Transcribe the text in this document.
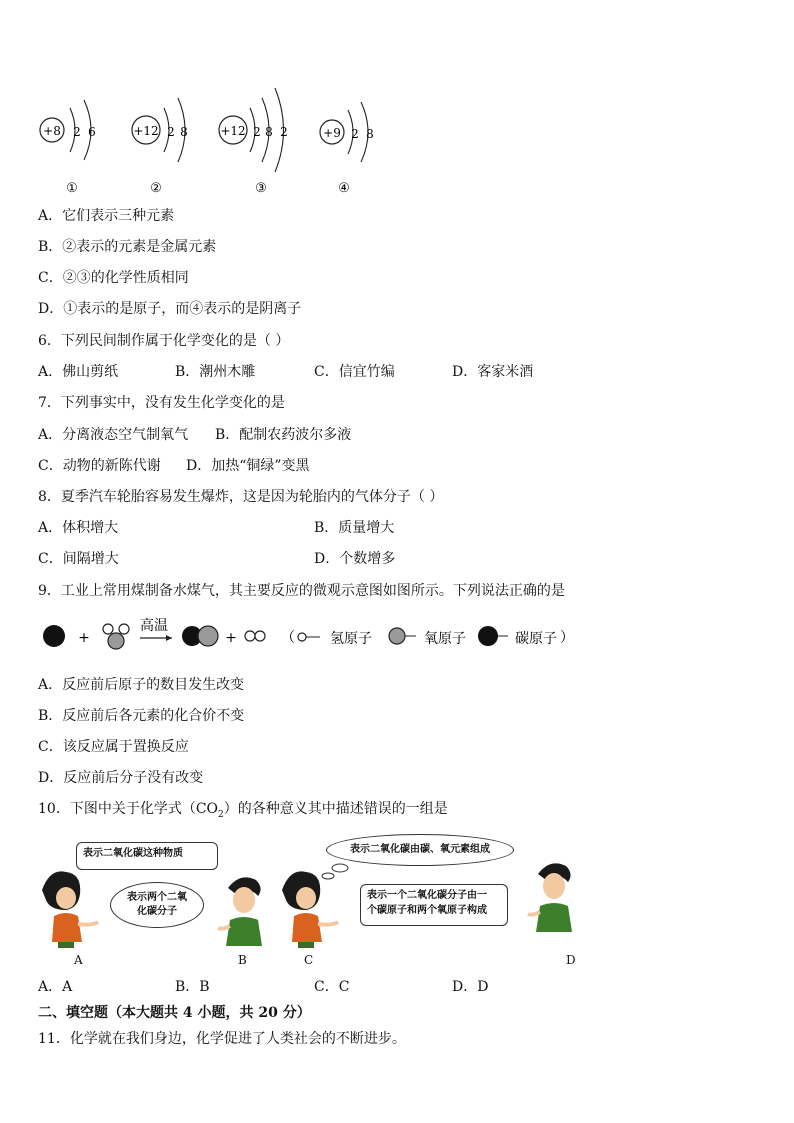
+8 2 6
①
+12 2 8
②
+12 2 8 2
③
+9 2 8
④
A．它们表示三种元素
B．②表示的元素是金属元素
C．②③的化学性质相同
D．①表示的是原子，而④表示的是阴离子
6．下列民间制作属于化学变化的是（ ）
A．佛山剪纸	B．潮州木雕	C．信宜竹编	D．客家米酒
7．下列事实中，没有发生化学变化的是
A．分离液态空气制氧气 B．配制农药波尔多液
C．动物的新陈代谢 D．加热“铜绿”变黑
8．夏季汽车轮胎容易发生爆炸，这是因为轮胎内的气体分子（ ）
A．体积增大	B．质量增大
C．间隔增大	D．个数增多
9．工业上常用煤制备水煤气，其主要反应的微观示意图如图所示。下列说法正确的是
+
高温
+	（	氢原子	氧原子	碳原子 ）
A．反应前后原子的数目发生改变
B．反应前后各元素的化合价不变
C．该反应属于置换反应
D．反应前后分子没有改变
10．下图中关于化学式$(CO_2)$的各种意义其中描述错误的一组是
表示二氧化碳这种物质
表示两个二氧
化碳分子
表示二氧化碳由碳、氧元素组成
表示一个二氧化碳分子由一
个碳原子和两个氧原子构成
A	B	C	D
A．A	B．B	C．C	D．D
二、填空题（本大题共 4 小题，共 20 分）
11．化学就在我们身边，化学促进了人类社会的不断进步。
